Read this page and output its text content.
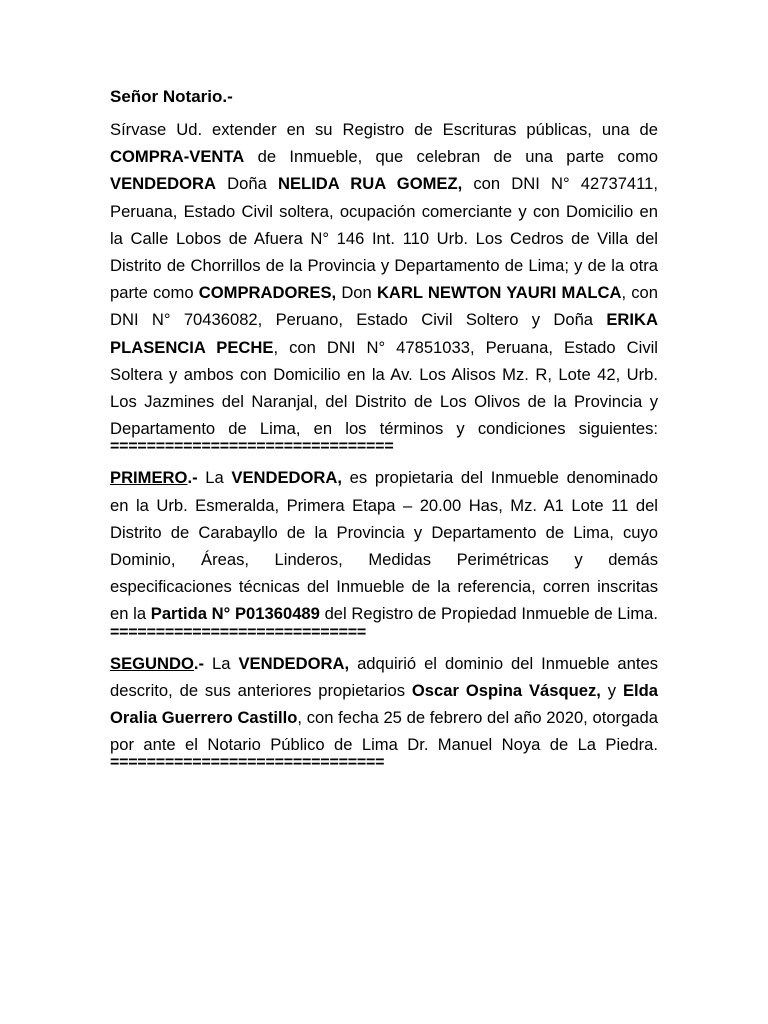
Señor Notario.-

Sírvase Ud. extender en su Registro de Escrituras públicas, una de COMPRA-VENTA de Inmueble, que celebran de una parte como VENDEDORA Doña NELIDA RUA GOMEZ, con DNI N° 42737411, Peruana, Estado Civil soltera, ocupación comerciante y con Domicilio en la Calle Lobos de Afuera N° 146 Int. 110 Urb. Los Cedros de Villa del Distrito de Chorrillos de la Provincia y Departamento de Lima; y de la otra parte como COMPRADORES, Don KARL NEWTON YAURI MALCA, con DNI N° 70436082, Peruano, Estado Civil Soltero y Doña ERIKA PLASENCIA PECHE, con DNI N° 47851033, Peruana, Estado Civil Soltera y ambos con Domicilio en la Av. Los Alisos Mz. R, Lote 42, Urb. Los Jazmines del Naranjal, del Distrito de Los Olivos de la Provincia y Departamento de Lima, en los términos y condiciones siguientes:

===============================

PRIMERO.- La VENDEDORA, es propietaria del Inmueble denominado en la Urb. Esmeralda, Primera Etapa – 20.00 Has, Mz. A1 Lote 11 del Distrito de Carabayllo de la Provincia y Departamento de Lima, cuyo Dominio, Áreas, Linderos, Medidas Perimétricas y demás especificaciones técnicas del Inmueble de la referencia, corren inscritas en la Partida N° P01360489 del Registro de Propiedad Inmueble de Lima.

============================

SEGUNDO.- La VENDEDORA, adquirió el dominio del Inmueble antes descrito, de sus anteriores propietarios Oscar Ospina Vásquez, y Elda Oralia Guerrero Castillo, con fecha 25 de febrero del año 2020, otorgada por ante el Notario Público de Lima Dr. Manuel Noya de La Piedra.

==============================
